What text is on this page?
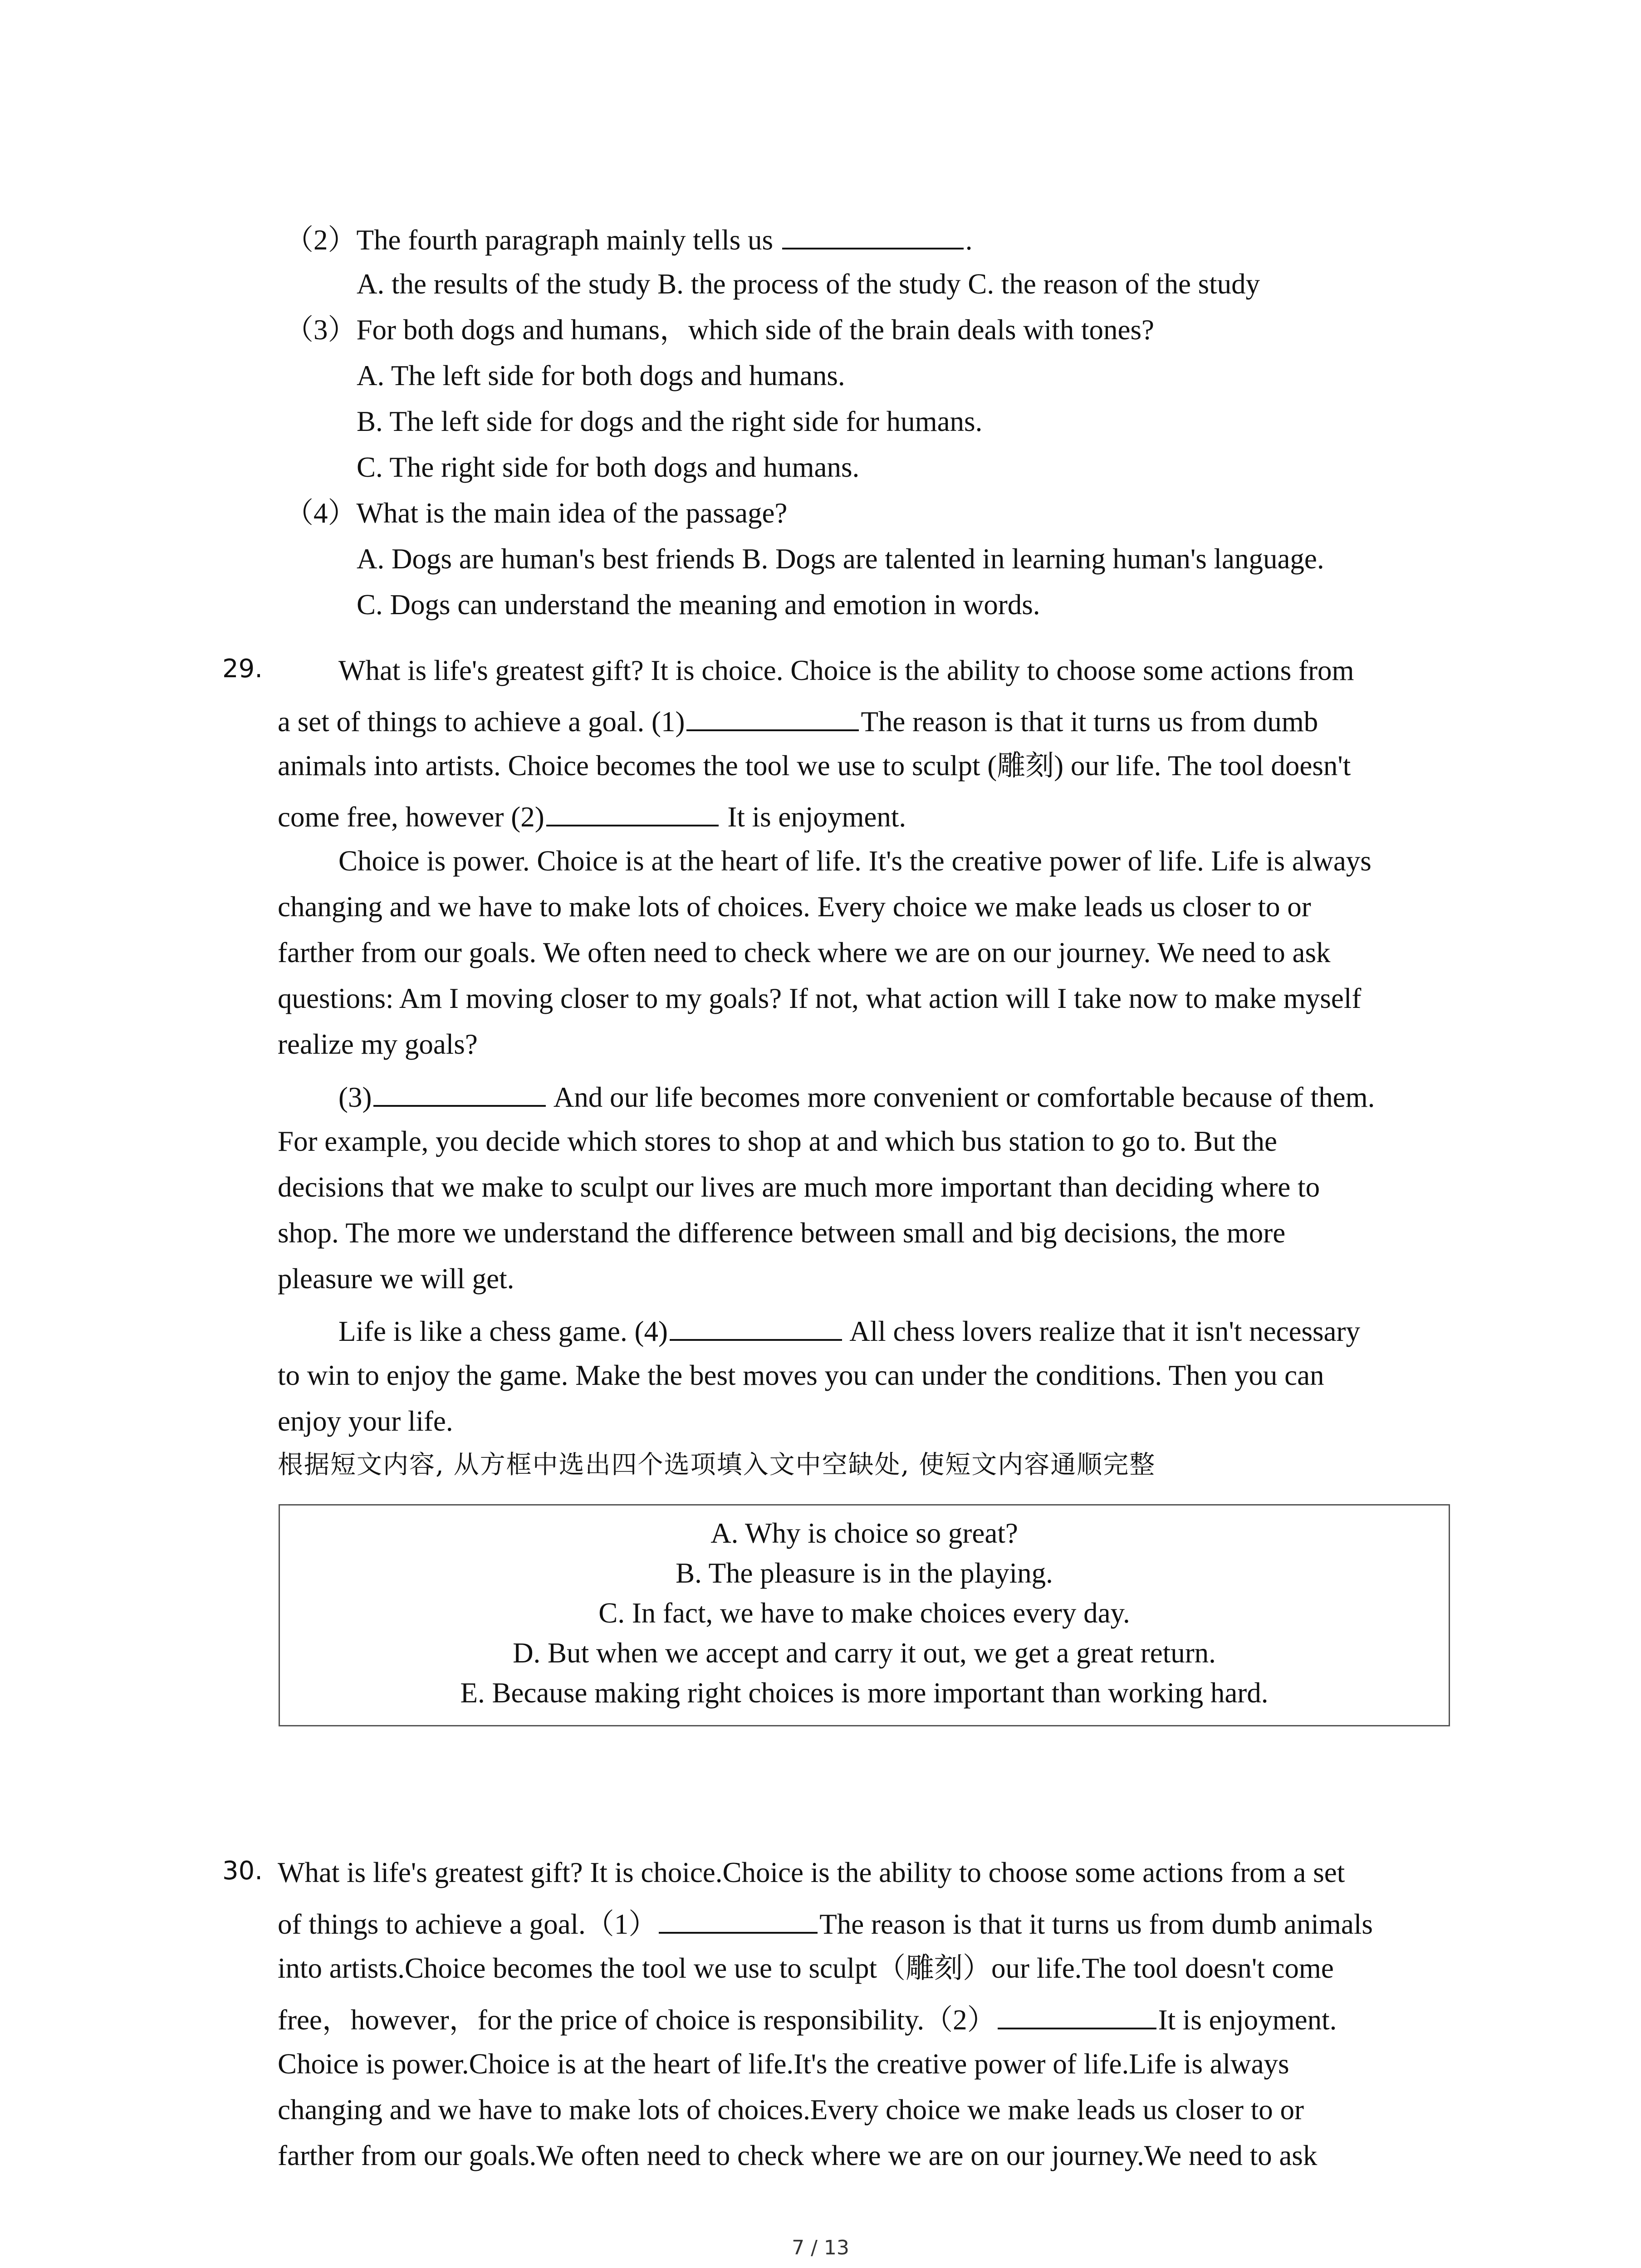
（2）The fourth paragraph mainly tells us	.
A. the results of the study B. the process of the study C. the reason of the study
（3）For both dogs and humans，which side of the brain deals with tones?
A. The left side for both dogs and humans.
B. The left side for dogs and the right side for humans.
C. The right side for both dogs and humans.
（4）What is the main idea of the passage?
A. Dogs are human's best friends B. Dogs are talented in learning human's language.
C. Dogs can understand the meaning and emotion in words.
29.	What is life's greatest gift? It is choice. Choice is the ability to choose some actions from
a set of things to achieve a goal. (1)	The reason is that it turns us from dumb
animals into artists. Choice becomes the tool we use to sculpt (雕刻) our life. The tool doesn't
come free, however (2)	It is enjoyment.
Choice is power. Choice is at the heart of life. It's the creative power of life. Life is always
changing and we have to make lots of choices. Every choice we make leads us closer to or
farther from our goals. We often need to check where we are on our journey. We need to ask
questions: Am I moving closer to my goals? If not, what action will I take now to make myself
realize my goals?
(3)	And our life becomes more convenient or comfortable because of them.
For example, you decide which stores to shop at and which bus station to go to. But the
decisions that we make to sculpt our lives are much more important than deciding where to
shop. The more we understand the difference between small and big decisions, the more
pleasure we will get.
Life is like a chess game. (4)	All chess lovers realize that it isn't necessary
to win to enjoy the game. Make the best moves you can under the conditions. Then you can
enjoy your life.
根据短文内容, 从方框中选出四个选项填入文中空缺处, 使短文内容通顺完整
A. Why is choice so great?
B. The pleasure is in the playing.
C. In fact, we have to make choices every day.
D. But when we accept and carry it out, we get a great return.
E. Because making right choices is more important than working hard.
30. What is life's greatest gift? It is choice.Choice is the ability to choose some actions from a set
of things to achieve a goal.（1）	The reason is that it turns us from dumb animals
into artists.Choice becomes the tool we use to sculpt（雕刻）our life.The tool doesn't come
free，however，for the price of choice is responsibility.（2）	It is enjoyment.
Choice is power.Choice is at the heart of life.It's the creative power of life.Life is always
changing and we have to make lots of choices.Every choice we make leads us closer to or
farther from our goals.We often need to check where we are on our journey.We need to ask
7 / 13
